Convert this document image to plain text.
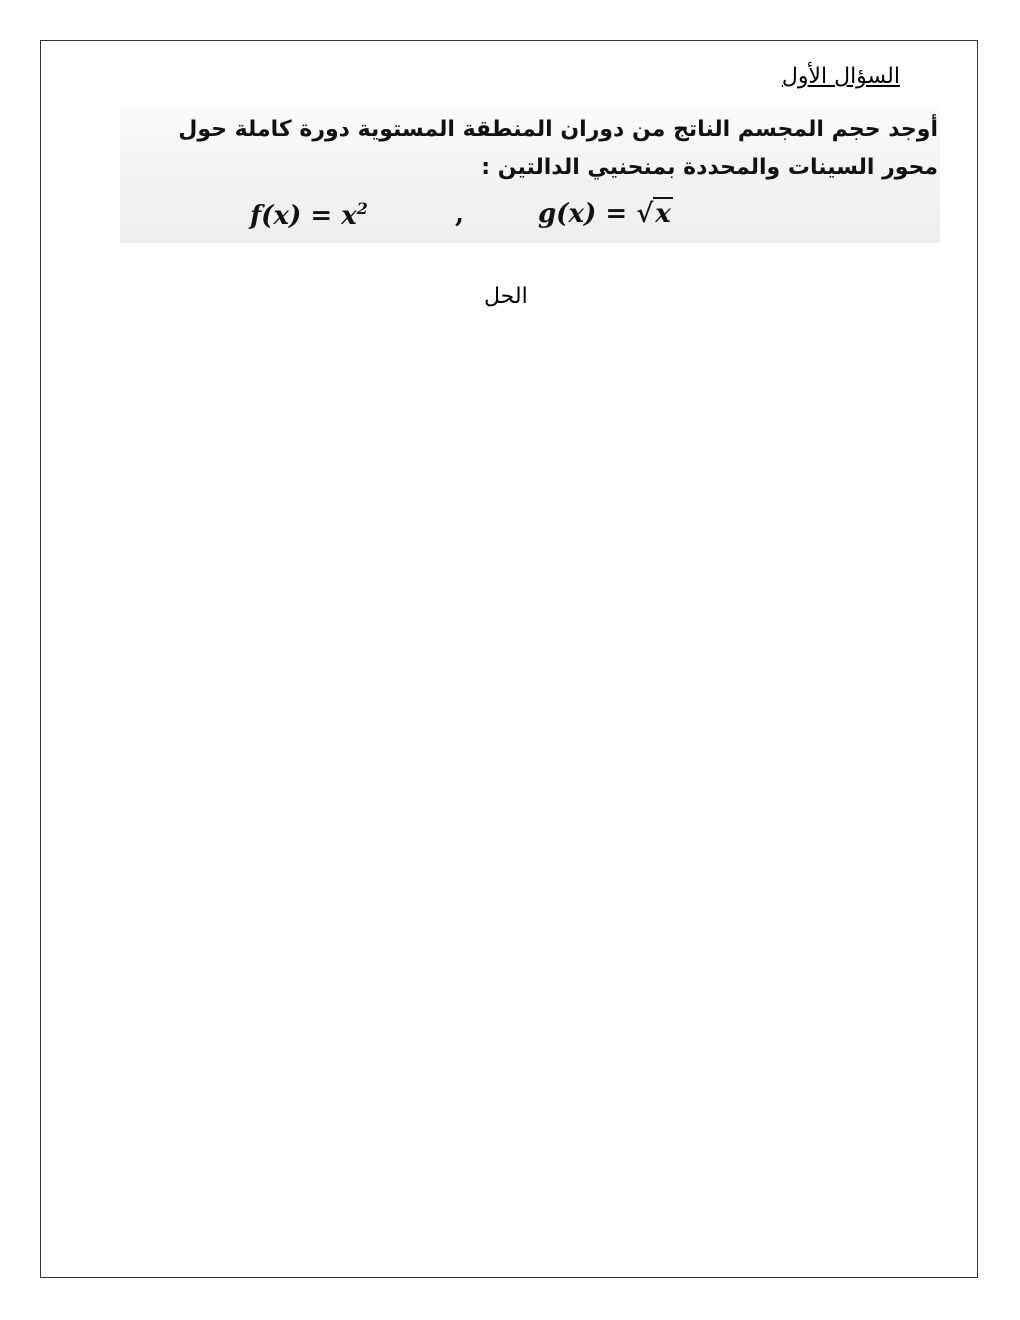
السؤال الأول
أوجد حجم المجسم الناتج من دوران المنطقة المستوية دورة كاملة حول
محور السينات والمحددة بمنحنيي الدالتين :
$f(x) = x^2$	,	g(x) = √x
الحل
